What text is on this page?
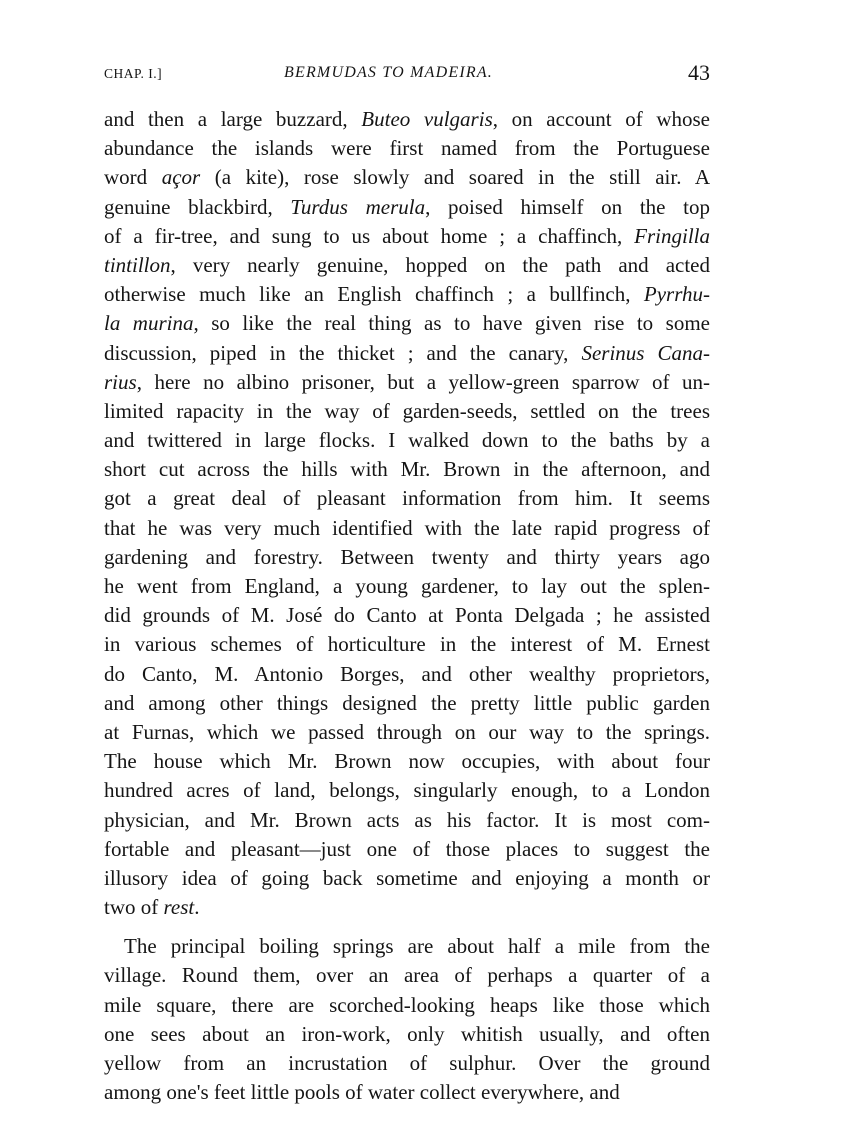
CHAP. I.]	BERMUDAS TO MADEIRA.	43
and then a large buzzard, Buteo vulgaris, on account of whose
abundance the islands were first named from the Portuguese
word açor (a kite), rose slowly and soared in the still air. A
genuine blackbird, Turdus merula, poised himself on the top
of a fir-tree, and sung to us about home ; a chaffinch, Fringilla
tintillon, very nearly genuine, hopped on the path and acted
otherwise much like an English chaffinch ; a bullfinch, Pyrrhu-
la murina, so like the real thing as to have given rise to some
discussion, piped in the thicket ; and the canary, Serinus Cana-
rius, here no albino prisoner, but a yellow-green sparrow of un-
limited rapacity in the way of garden-seeds, settled on the trees
and twittered in large flocks. I walked down to the baths by a
short cut across the hills with Mr. Brown in the afternoon, and
got a great deal of pleasant information from him. It seems
that he was very much identified with the late rapid progress of
gardening and forestry. Between twenty and thirty years ago
he went from England, a young gardener, to lay out the splen-
did grounds of M. José do Canto at Ponta Delgada ; he assisted
in various schemes of horticulture in the interest of M. Ernest
do Canto, M. Antonio Borges, and other wealthy proprietors,
and among other things designed the pretty little public garden
at Furnas, which we passed through on our way to the springs.
The house which Mr. Brown now occupies, with about four
hundred acres of land, belongs, singularly enough, to a London
physician, and Mr. Brown acts as his factor. It is most com-
fortable and pleasant—just one of those places to suggest the
illusory idea of going back sometime and enjoying a month or
two of rest.
The principal boiling springs are about half a mile from the
village. Round them, over an area of perhaps a quarter of a
mile square, there are scorched-looking heaps like those which
one sees about an iron-work, only whitish usually, and often
yellow from an incrustation of sulphur. Over the ground
among one's feet little pools of water collect everywhere, and
